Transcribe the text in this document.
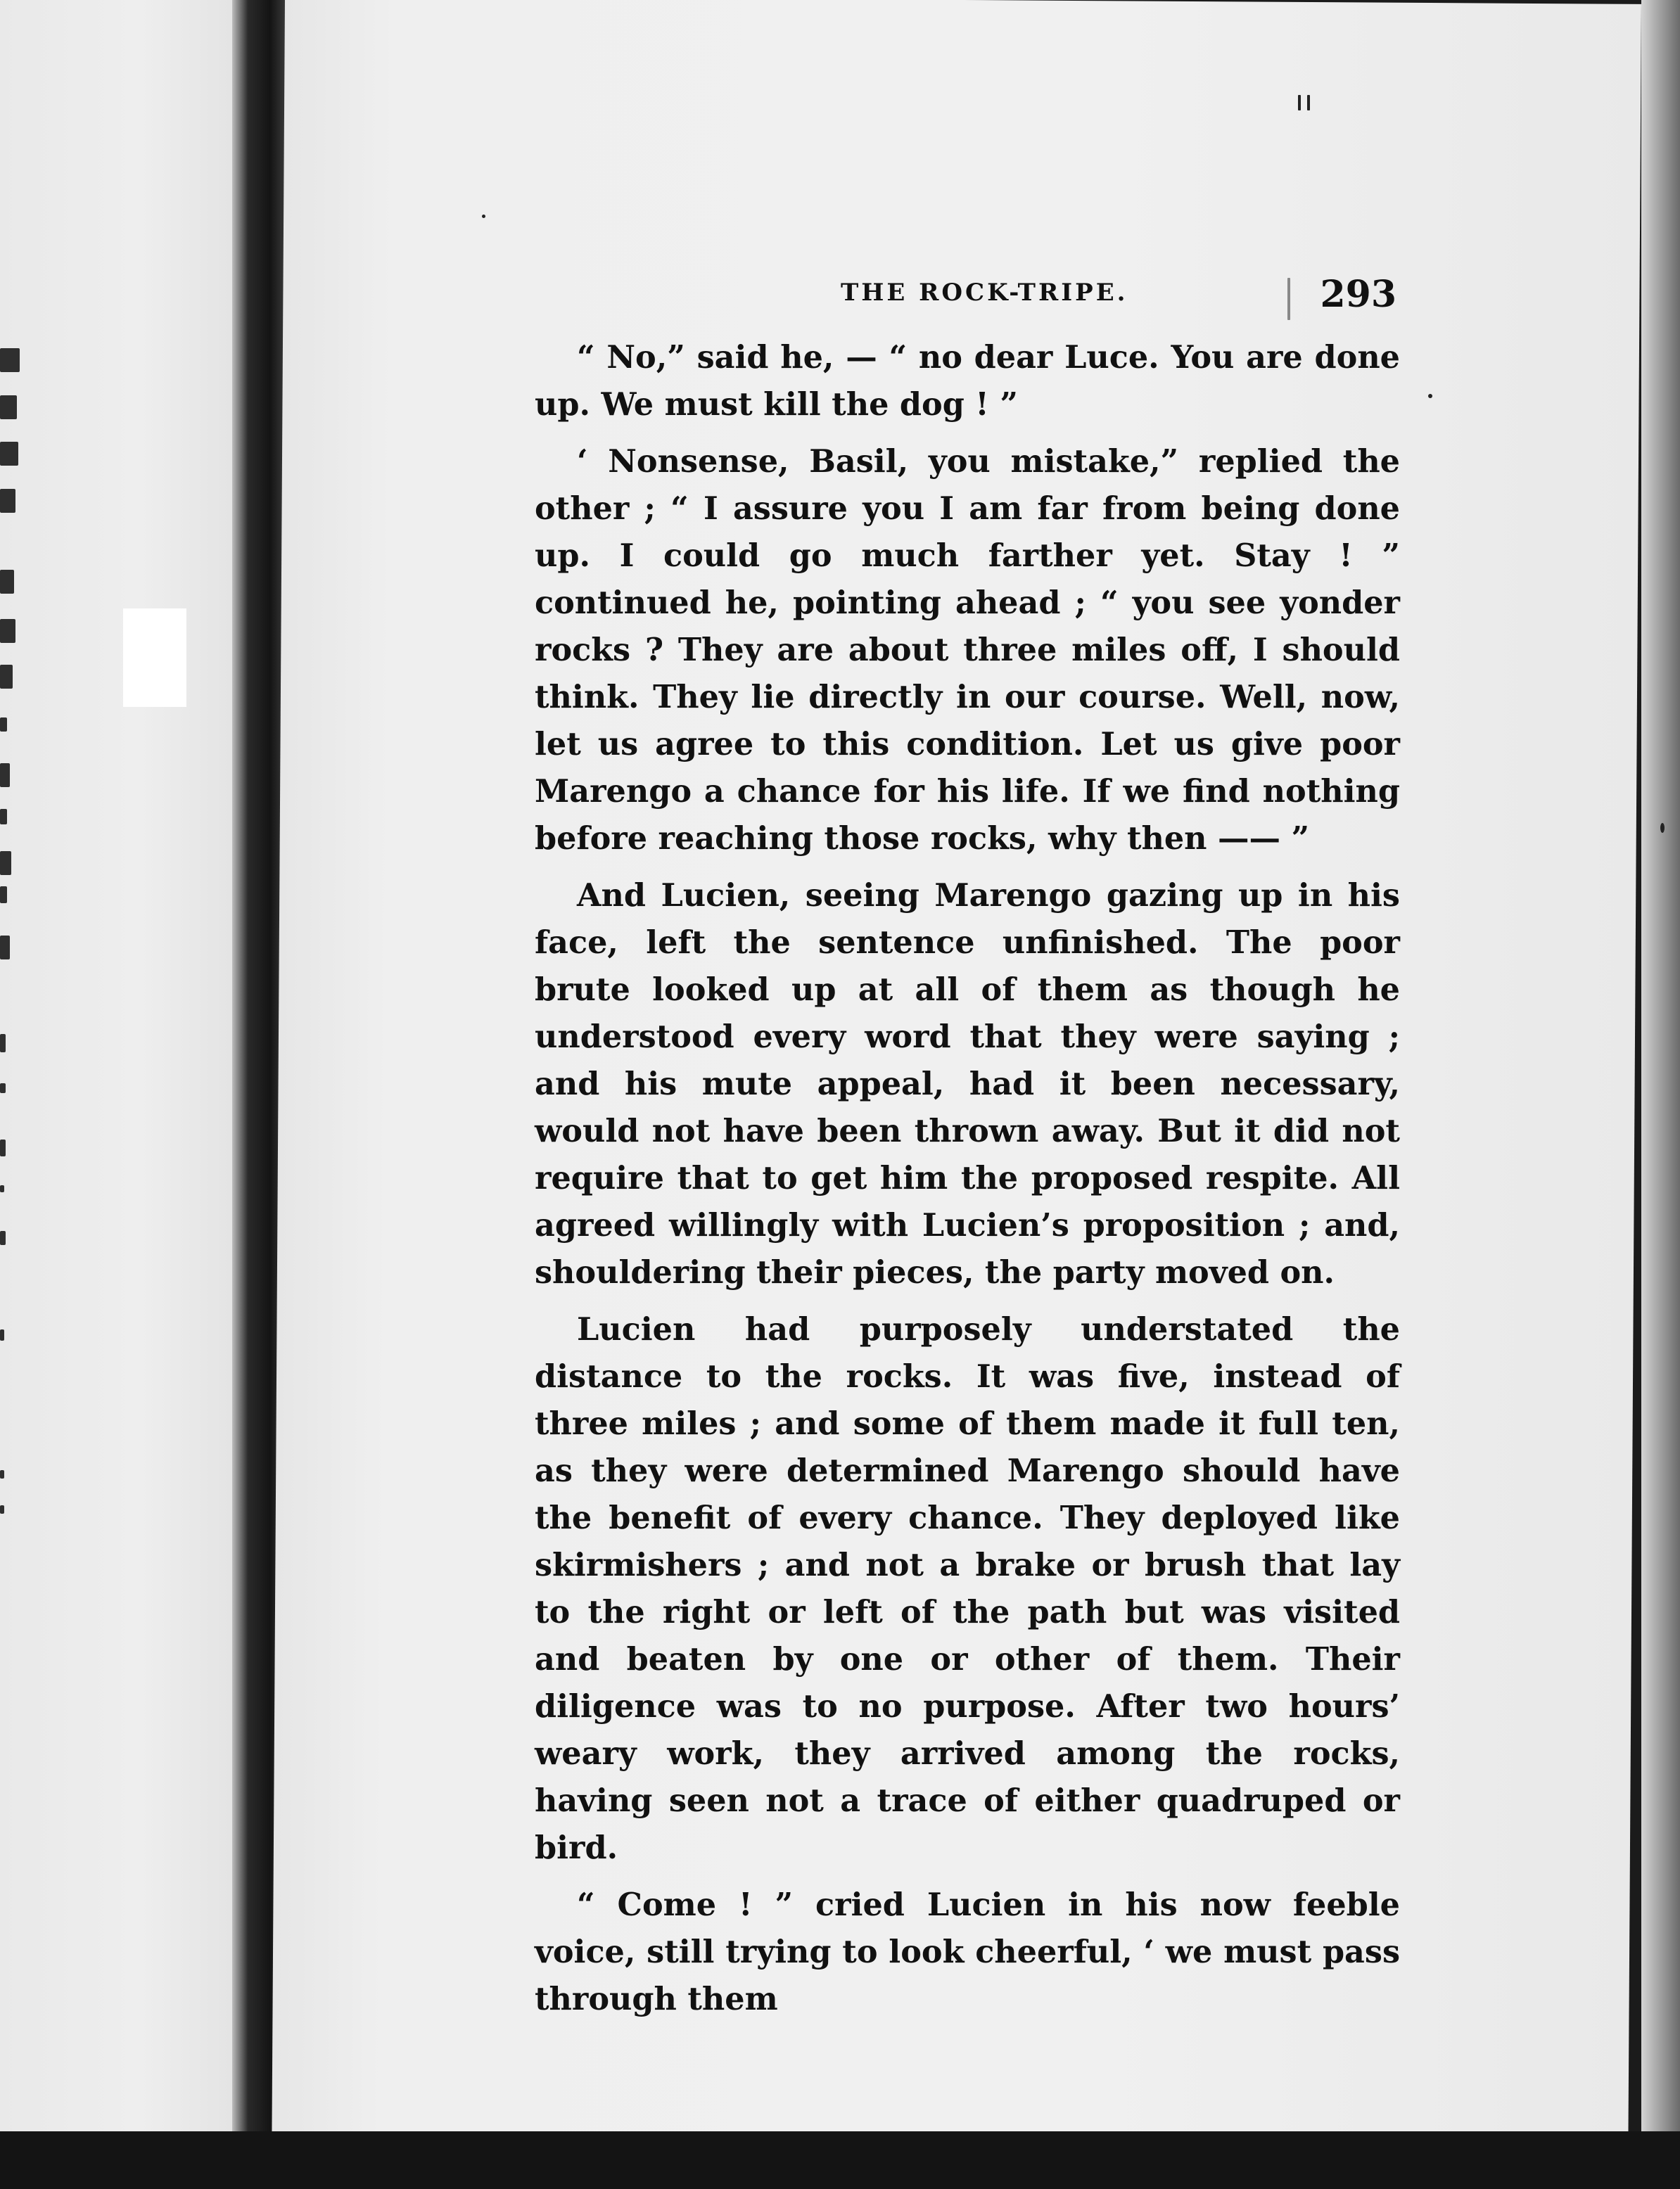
THE ROCK-TRIPE.	293

“ No,” said he, — “ no dear Luce. You are done up. We must kill the dog ! ”

‘ Nonsense, Basil, you mistake,” replied the other ; “ I assure you I am far from being done up. I could go much farther yet. Stay ! ” continued he, pointing ahead ; “ you see yonder rocks ? They are about three miles off, I should think. They lie directly in our course. Well, now, let us agree to this condition. Let us give poor Marengo a chance for his life. If we find nothing before reaching those rocks, why then —— ”

And Lucien, seeing Marengo gazing up in his face, left the sentence unfinished. The poor brute looked up at all of them as though he understood every word that they were saying ; and his mute appeal, had it been necessary, would not have been thrown away. But it did not require that to get him the proposed respite. All agreed willingly with Lucien’s proposition ; and, shouldering their pieces, the party moved on.

Lucien had purposely understated the distance to the rocks. It was five, instead of three miles ; and some of them made it full ten, as they were determined Marengo should have the benefit of every chance. They deployed like skirmishers ; and not a brake or brush that lay to the right or left of the path but was visited and beaten by one or other of them. Their diligence was to no purpose. After two hours’ weary work, they arrived among the rocks, having seen not a trace of either quadruped or bird.

“ Come ! ” cried Lucien in his now feeble voice, still trying to look cheerful, ‘ we must pass through them
